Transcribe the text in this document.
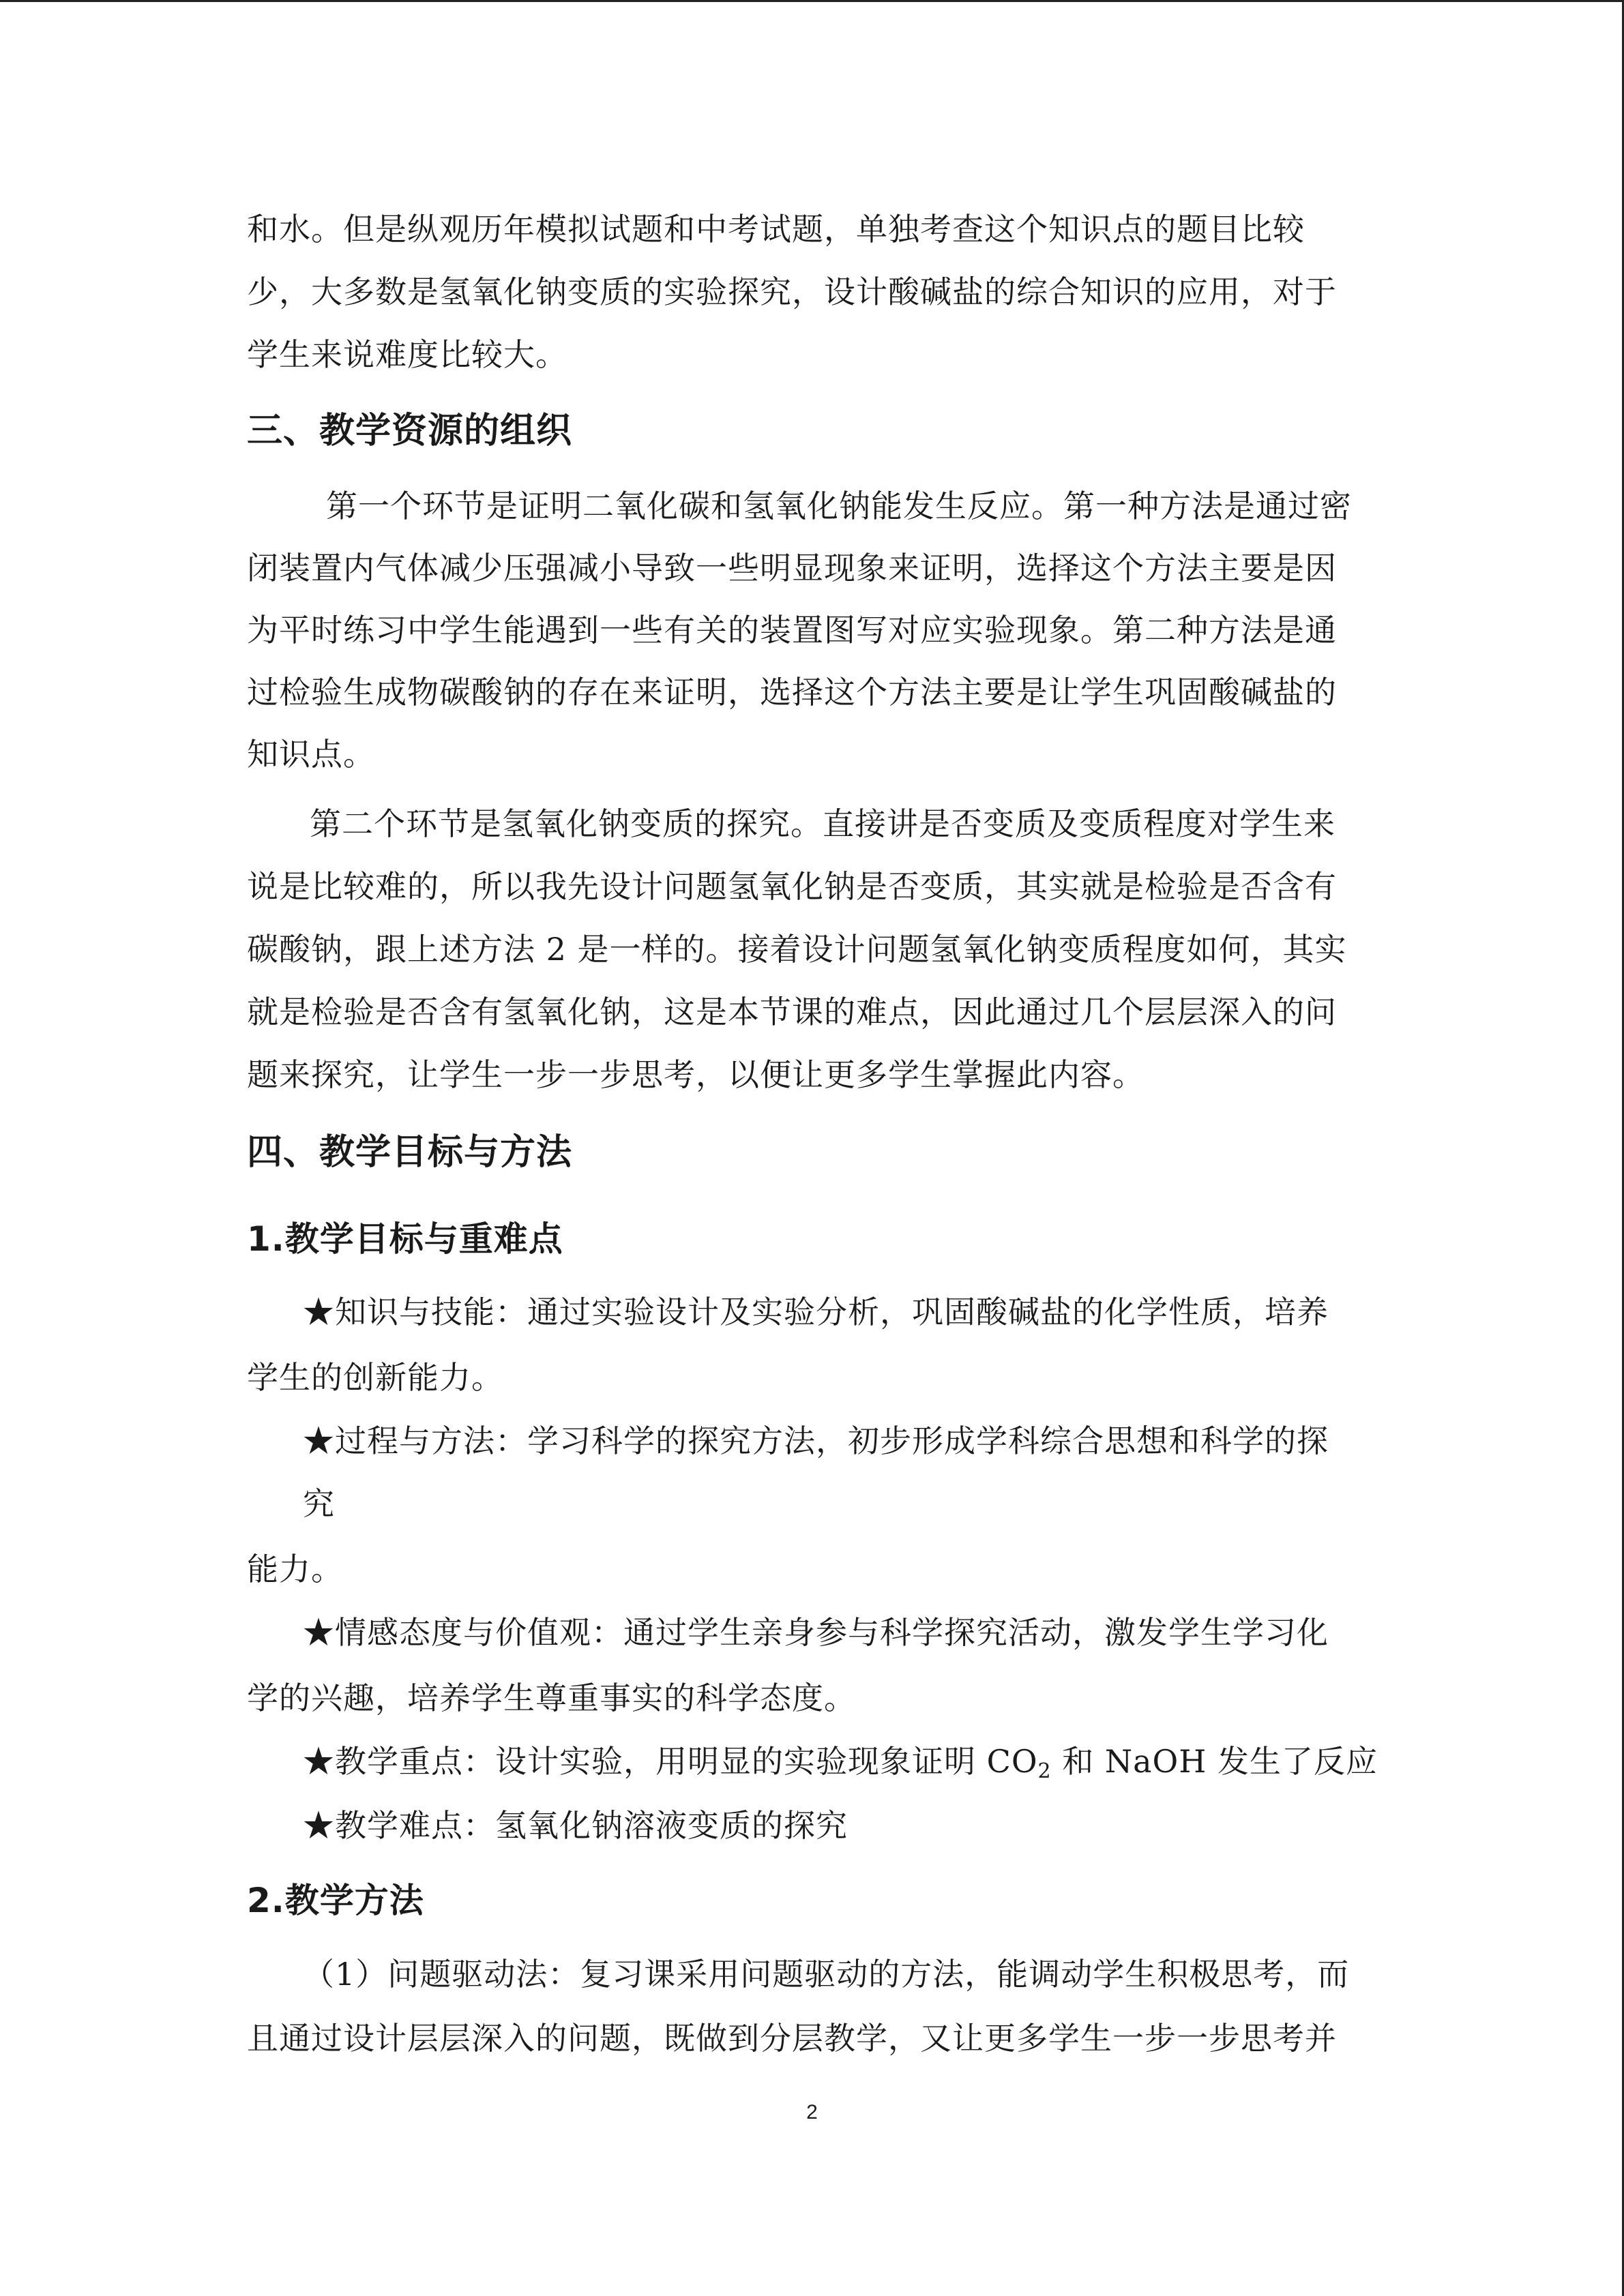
和水。但是纵观历年模拟试题和中考试题，单独考查这个知识点的题目比较
少，大多数是氢氧化钠变质的实验探究，设计酸碱盐的综合知识的应用，对于
学生来说难度比较大。
三、教学资源的组织
第一个环节是证明二氧化碳和氢氧化钠能发生反应。第一种方法是通过密
闭装置内气体减少压强减小导致一些明显现象来证明，选择这个方法主要是因
为平时练习中学生能遇到一些有关的装置图写对应实验现象。第二种方法是通
过检验生成物碳酸钠的存在来证明，选择这个方法主要是让学生巩固酸碱盐的
知识点。
第二个环节是氢氧化钠变质的探究。直接讲是否变质及变质程度对学生来
说是比较难的，所以我先设计问题氢氧化钠是否变质，其实就是检验是否含有
碳酸钠，跟上述方法 2 是一样的。接着设计问题氢氧化钠变质程度如何，其实
就是检验是否含有氢氧化钠，这是本节课的难点，因此通过几个层层深入的问
题来探究，让学生一步一步思考，以便让更多学生掌握此内容。
四、教学目标与方法
1.教学目标与重难点
★知识与技能：通过实验设计及实验分析，巩固酸碱盐的化学性质，培养
学生的创新能力。
★过程与方法：学习科学的探究方法，初步形成学科综合思想和科学的探
究
能力。
★情感态度与价值观：通过学生亲身参与科学探究活动，激发学生学习化
学的兴趣，培养学生尊重事实的科学态度。
★教学重点：设计实验，用明显的实验现象证明 $CO_2$ 和 NaOH 发生了反应
★教学难点：氢氧化钠溶液变质的探究
2.教学方法
（1）问题驱动法：复习课采用问题驱动的方法，能调动学生积极思考，而
且通过设计层层深入的问题，既做到分层教学，又让更多学生一步一步思考并
2
